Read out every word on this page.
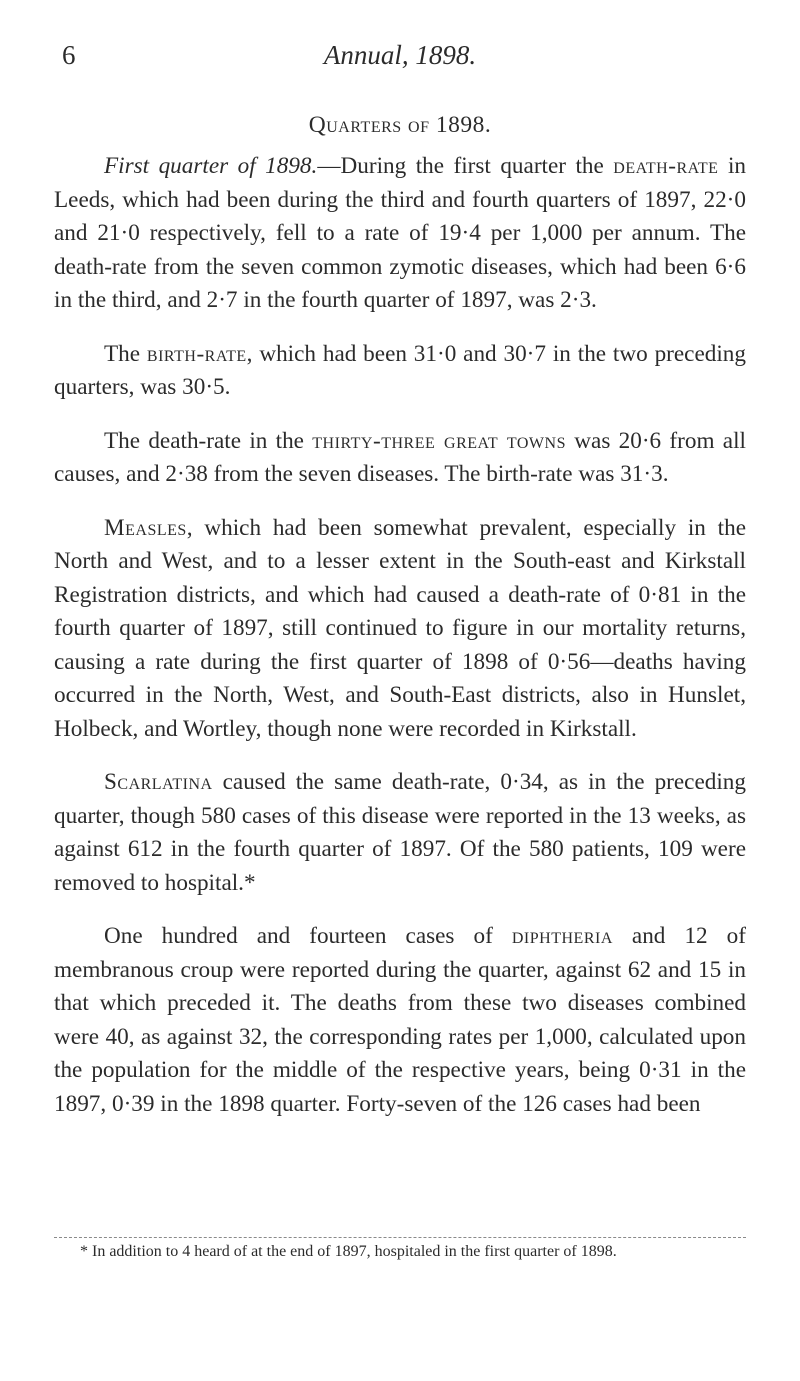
6	Annual, 1898.
Quarters of 1898.

First quarter of 1898.—During the first quarter the death-rate in Leeds, which had been during the third and fourth quarters of 1897, 22·0 and 21·0 respectively, fell to a rate of 19·4 per 1,000 per annum. The death-rate from the seven common zymotic diseases, which had been 6·6 in the third, and 2·7 in the fourth quarter of 1897, was 2·3.

The birth-rate, which had been 31·0 and 30·7 in the two preceding quarters, was 30·5.

The death-rate in the thirty-three great towns was 20·6 from all causes, and 2·38 from the seven diseases. The birth-rate was 31·3.

Measles, which had been somewhat prevalent, especially in the North and West, and to a lesser extent in the South-east and Kirkstall Registration districts, and which had caused a death-rate of 0·81 in the fourth quarter of 1897, still continued to figure in our mortality returns, causing a rate during the first quarter of 1898 of 0·56—deaths having occurred in the North, West, and South-East districts, also in Hunslet, Holbeck, and Wortley, though none were recorded in Kirkstall.

Scarlatina caused the same death-rate, 0·34, as in the preceding quarter, though 580 cases of this disease were reported in the 13 weeks, as against 612 in the fourth quarter of 1897. Of the 580 patients, 109 were removed to hospital.*

One hundred and fourteen cases of diphtheria and 12 of membranous croup were reported during the quarter, against 62 and 15 in that which preceded it. The deaths from these two diseases combined were 40, as against 32, the corresponding rates per 1,000, calculated upon the population for the middle of the respective years, being 0·31 in the 1897, 0·39 in the 1898 quarter. Forty-seven of the 126 cases had been

* In addition to 4 heard of at the end of 1897, hospitaled in the first quarter of 1898.
